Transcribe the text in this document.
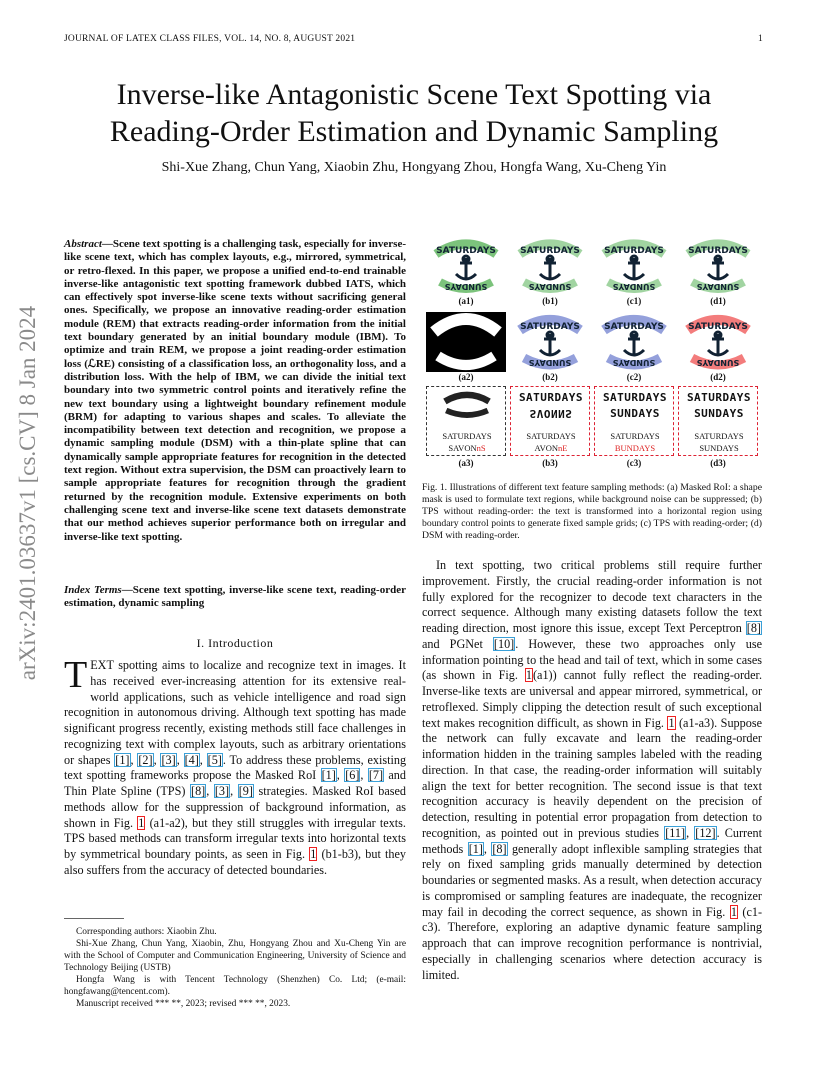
JOURNAL OF LATEX CLASS FILES, VOL. 14, NO. 8, AUGUST 2021	1
Inverse-like Antagonistic Scene Text Spotting via
Reading-Order Estimation and Dynamic Sampling
Shi-Xue Zhang, Chun Yang, Xiaobin Zhu, Hongyang Zhou, Hongfa Wang, Xu-Cheng Yin
arXiv:2401.03637v1 [cs.CV] 8 Jan 2024
Abstract—Scene text spotting is a challenging task, especially for inverse-like scene text, which has complex layouts, e.g., mirrored, symmetrical, or retro-flexed. In this paper, we propose a unified end-to-end trainable inverse-like antagonistic text spotting framework dubbed IATS, which can effectively spot inverse-like scene texts without sacrificing general ones. Specifically, we propose an innovative reading-order estimation module (REM) that extracts reading-order information from the initial text boundary generated by an initial boundary module (IBM). To optimize and train REM, we propose a joint reading-order estimation loss (ℒRE) consisting of a classification loss, an orthogonality loss, and a distribution loss. With the help of IBM, we can divide the initial text boundary into two symmetric control points and iteratively refine the new text boundary using a lightweight boundary refinement module (BRM) for adapting to various shapes and scales. To alleviate the incompatibility between text detection and recognition, we propose a dynamic sampling module (DSM) with a thin-plate spline that can dynamically sample appropriate features for recognition in the detected text region. Without extra supervision, the DSM can proactively learn to sample appropriate features for recognition through the gradient returned by the recognition module. Extensive experiments on both challenging scene text and inverse-like scene text datasets demonstrate that our method achieves superior performance both on irregular and inverse-like text spotting.
Index Terms—Scene text spotting, inverse-like scene text, reading-order estimation, dynamic sampling
I. Introduction
TEXT spotting aims to localize and recognize text in images. It has received ever-increasing attention for its extensive real-world applications, such as vehicle intelligence and road sign recognition in autonomous driving. Although text spotting has made significant progress recently, existing methods still face challenges in recognizing text with complex layouts, such as arbitrary orientations or shapes [1], [2], [3], [4], [5]. To address these problems, existing text spotting frameworks propose the Masked RoI [1], [6], [7] and Thin Plate Spline (TPS) [8], [3], [9] strategies. Masked RoI based methods allow for the suppression of background information, as shown in Fig. 1 (a1-a2), but they still struggles with irregular texts. TPS based methods can transform irregular texts into horizontal texts by symmetrical boundary points, as seen in Fig. 1 (b1-b3), but they also suffers from the accuracy of detected boundaries.

Corresponding authors: Xiaobin Zhu.

Shi-Xue Zhang, Chun Yang, Xiaobin, Zhu, Hongyang Zhou and Xu-Cheng Yin are with the School of Computer and Communication Engineering, University of Science and Technology Beijing (USTB)

Hongfa Wang is with Tencent Technology (Shenzhen) Co. Ltd; (e-mail: hongfawang@tencent.com).

Manuscript received *** **, 2023; revised *** **, 2023.

SATURDAYS
SUNDAYS
SATURDAYS
SUNDAYS
SATURDAYS
SUNDAYS
SATURDAYS
SUNDAYS
(a1)	(b1)	(c1)	(d1)
SATURDAYS
SUNDAYS
SATURDAYS
SUNDAYS
SATURDAYS
SUNDAYS
(a2)	(b2)	(c2)	(d2)
SATURDAYS
SAVONnS
SATURDAYS
SVONNS
SATURDAYS
AVONnE
SATURDAYS
SUNDAYS
SATURDAYS
BUNDAYS
SATURDAYS
SUNDAYS
SATURDAYS
SUNDAYS
(a3)	(b3)	(c3)	(d3)
Fig. 1. Illustrations of different text feature sampling methods: (a) Masked RoI: a shape mask is used to formulate text regions, while background noise can be suppressed; (b) TPS without reading-order: the text is transformed into a horizontal region using boundary control points to generate fixed sample grids; (c) TPS with reading-order; (d) DSM with reading-order.

In text spotting, two critical problems still require further improvement. Firstly, the crucial reading-order information is not fully explored for the recognizer to decode text characters in the correct sequence. Although many existing datasets follow the text reading direction, most ignore this issue, except Text Perceptron [8] and PGNet [10]. However, these two approaches only use information pointing to the head and tail of text, which in some cases (as shown in Fig. 1(a1)) cannot fully reflect the reading-order. Inverse-like texts are universal and appear mirrored, symmetrical, or retroflexed. Simply clipping the detection result of such exceptional text makes recognition difficult, as shown in Fig. 1 (a1-a3). Suppose the network can fully excavate and learn the reading-order information hidden in the training samples labeled with the reading direction. In that case, the reading-order information will suitably align the text for better recognition. The second issue is that text recognition accuracy is heavily dependent on the precision of detection, resulting in potential error propagation from detection to recognition, as pointed out in previous studies [11], [12]. Current methods [1], [8] generally adopt inflexible sampling strategies that rely on fixed sampling grids manually determined by detection boundaries or segmented masks. As a result, when detection accuracy is compromised or sampling features are inadequate, the recognizer may fail in decoding the correct sequence, as shown in Fig. 1 (c1-c3). Therefore, exploring an adaptive dynamic feature sampling approach that can improve recognition performance is nontrivial, especially in challenging scenarios where detection accuracy is limited.
